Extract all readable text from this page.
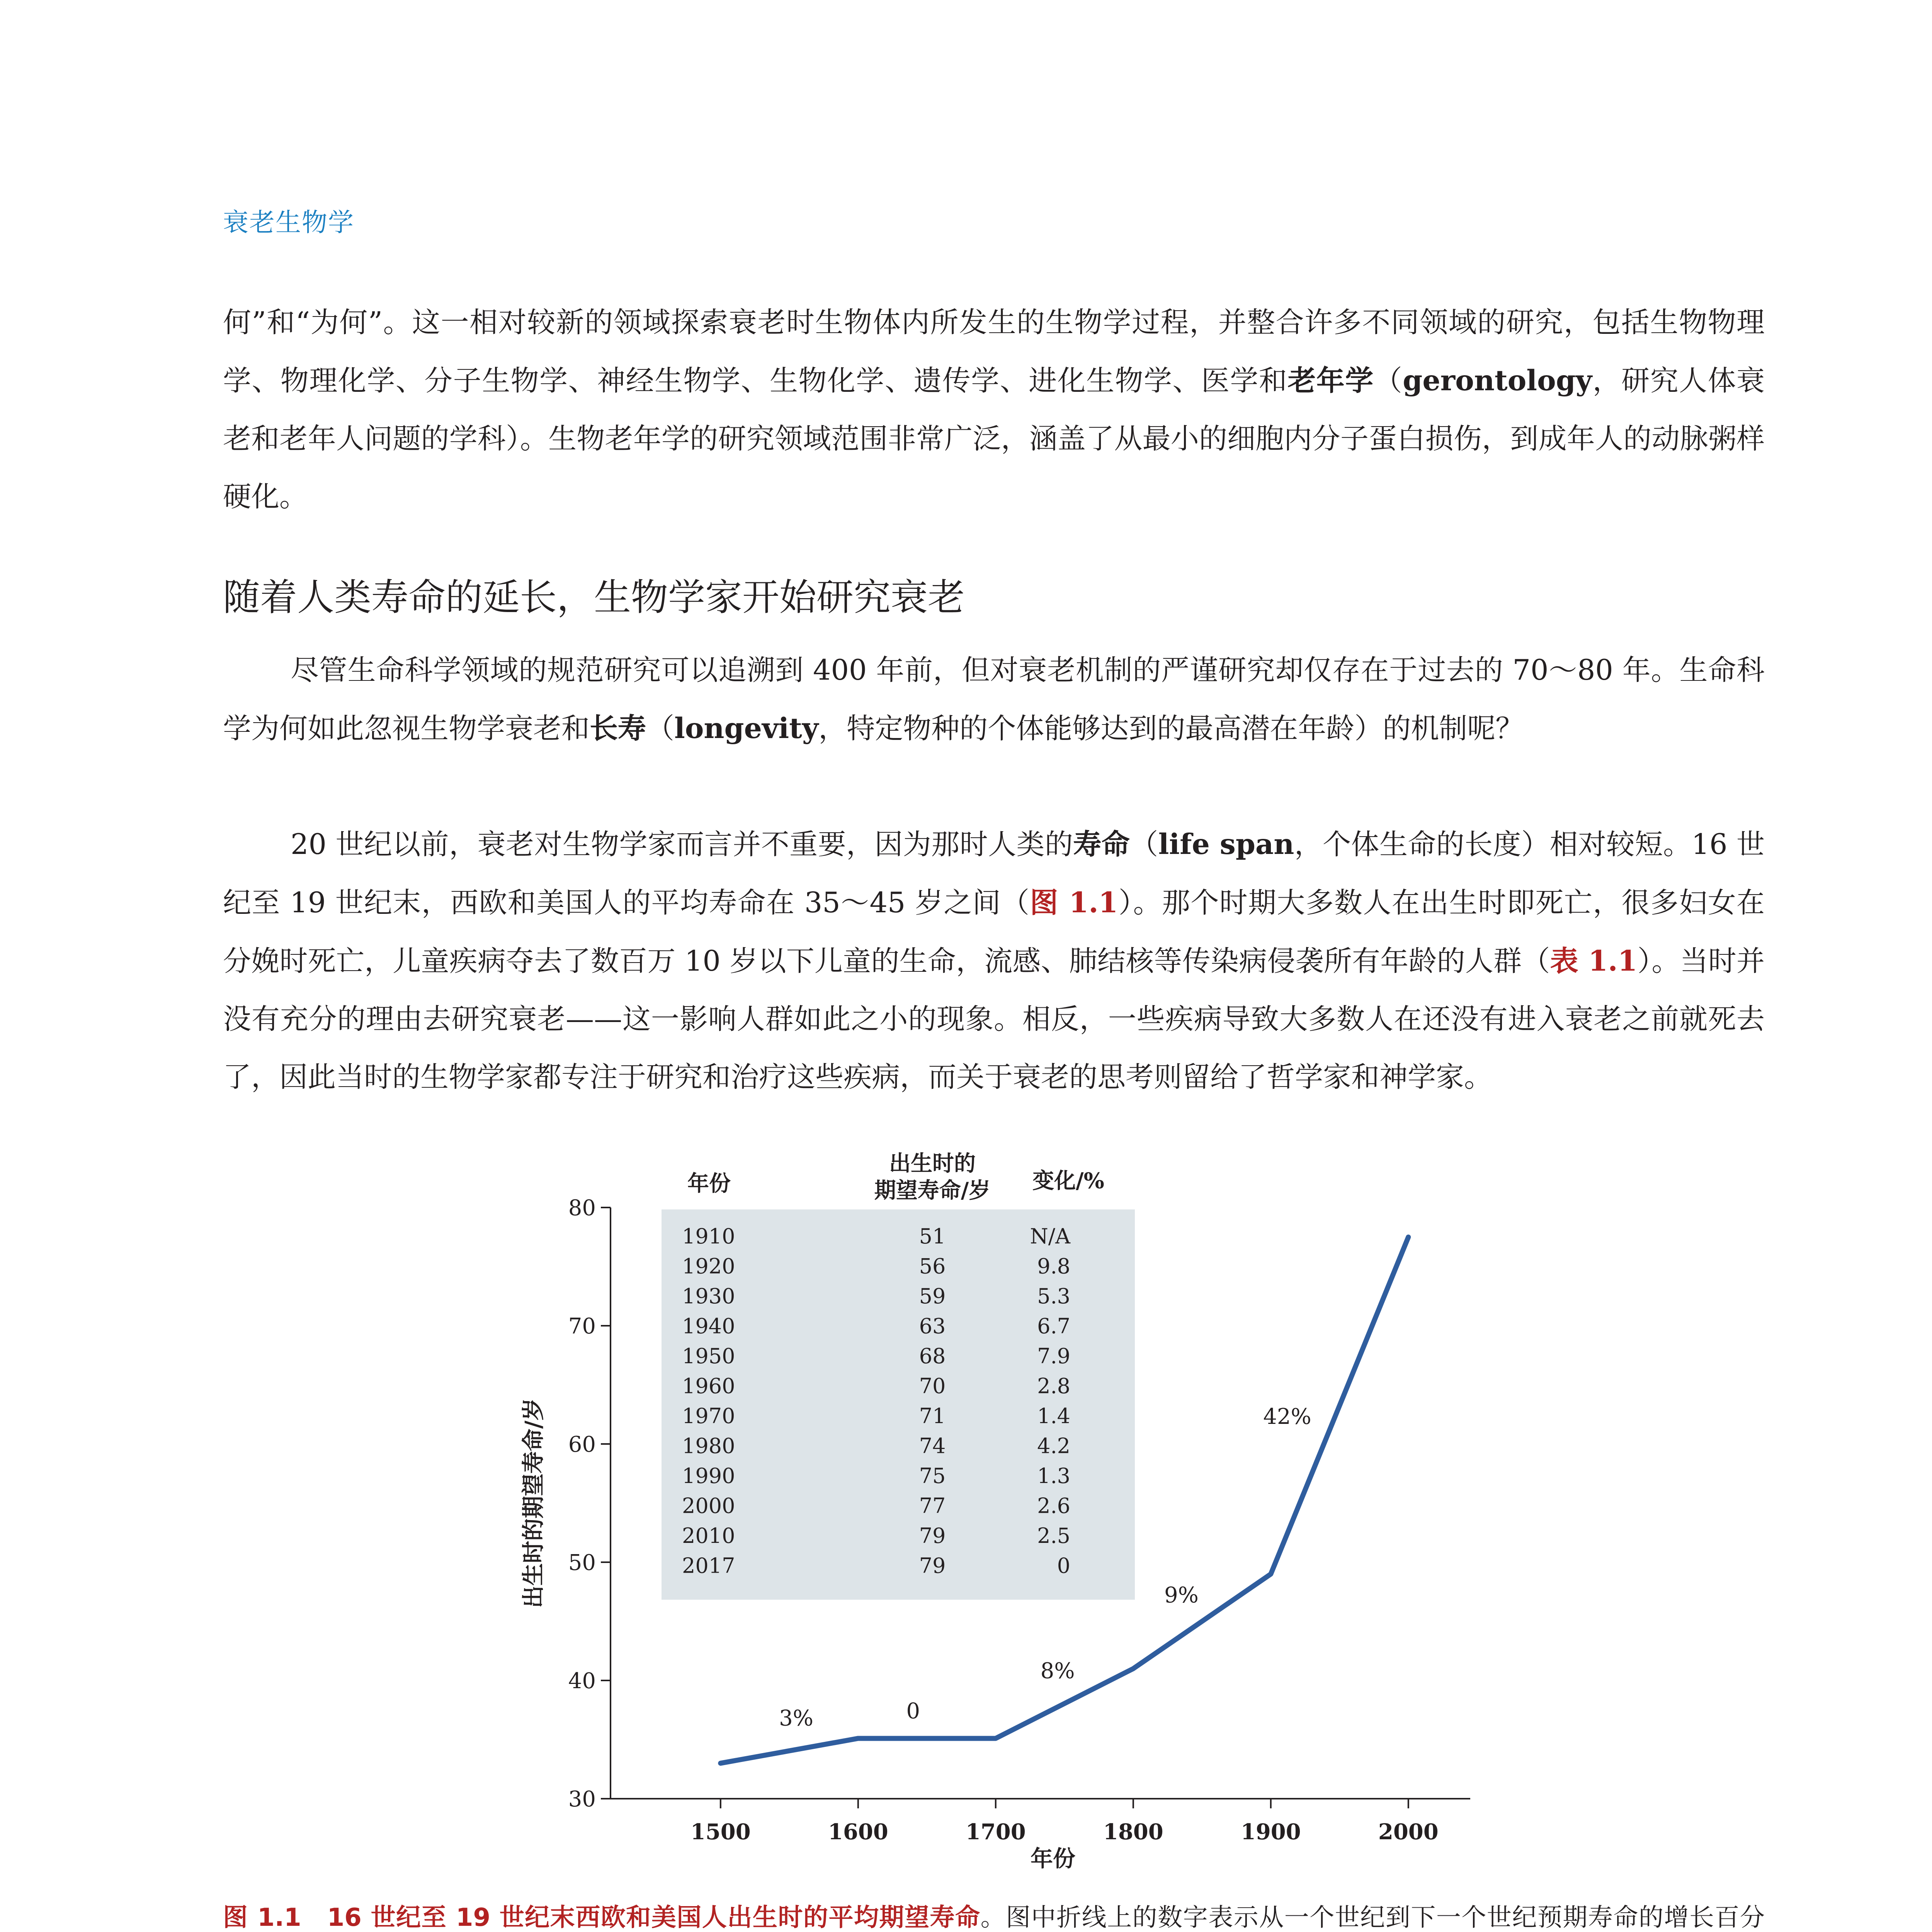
衰老生物学

何”和“为何”。这一相对较新的领域探索衰老时生物体内所发生的生物学过程，并整合许多不同领域的研究，包括生物物理学、物理化学、分子生物学、神经生物学、生物化学、遗传学、进化生物学、医学和老年学（gerontology，研究人体衰老和老年人问题的学科）。生物老年学的研究领域范围非常广泛，涵盖了从最小的细胞内分子蛋白损伤，到成年人的动脉粥样硬化。

随着人类寿命的延长，生物学家开始研究衰老

尽管生命科学领域的规范研究可以追溯到 400 年前，但对衰老机制的严谨研究却仅存在于过去的 70～80 年。生命科学为何如此忽视生物学衰老和长寿（longevity，特定物种的个体能够达到的最高潜在年龄）的机制呢？

20 世纪以前，衰老对生物学家而言并不重要，因为那时人类的寿命（life span，个体生命的长度）相对较短。16 世纪至 19 世纪末，西欧和美国人的平均寿命在 35～45 岁之间（图 1.1）。那个时期大多数人在出生时即死亡，很多妇女在分娩时死亡，儿童疾病夺去了数百万 10 岁以下儿童的生命，流感、肺结核等传染病侵袭所有年龄的人群（表 1.1）。当时并没有充分的理由去研究衰老——这一影响人群如此之小的现象。相反，一些疾病导致大多数人在还没有进入衰老之前就死去了，因此当时的生物学家都专注于研究和治疗这些疾病，而关于衰老的思考则留给了哲学家和神学家。

年份
出生时的
期望寿命/岁 变化/%
1910	51	N/A
1920	56	9.8
1930	59	5.3
1940	63	6.7
1950	68	7.9
1960	70	2.8
1970	71	1.4
1980	74	4.2
1990	75	1.3
2000	77	2.6
2010	79	2.5
2017	79	0
30
40
50
60
70
80
1500	1600	1700	1800	1900	2000
3%	0
8%
9%
42%
年份
出生时的期望寿命/岁

图 1.1　 16 世纪至 19 世纪末西欧和美国人出生时的平均期望寿命。图中折线上的数字表示从一个世纪到下一个世纪预期寿命的增长百分
